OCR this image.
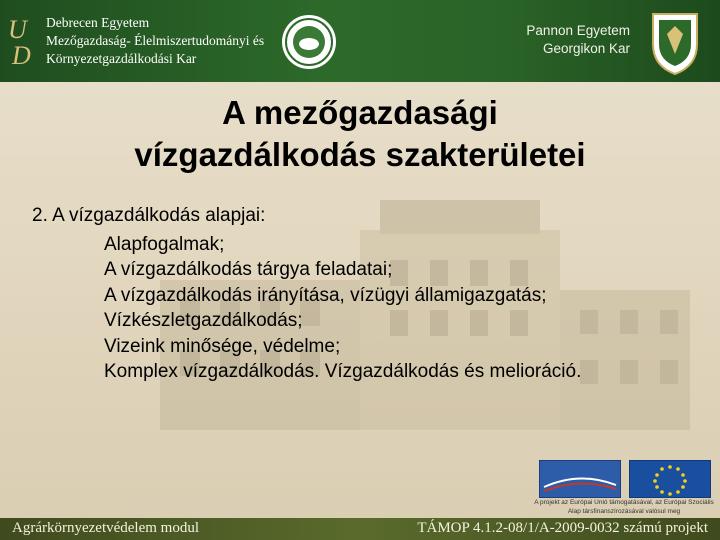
U
D
Debrecen Egyetem
Mezőgazdaság- Élelmiszertudományi és
Környezetgazdálkodási Kar
Pannon Egyetem
Georgikon Kar
A mezőgazdasági
vízgazdálkodás szakterületei

2. A vízgazdálkodás alapjai:

Alapfogalmak;
A vízgazdálkodás tárgya feladatai;
A vízgazdálkodás irányítása, vízügyi államigazgatás;
Vízkészletgazdálkodás;
Vizeink minősége, védelme;
Komplex vízgazdálkodás. Vízgazdálkodás és melioráció.
A projekt az Európai Unió támogatásával, az Európai Szociális Alap társfinanszírozásával valósul meg
Agrárkörnyezetvédelem modul	TÁMOP 4.1.2-08/1/A-2009-0032 számú projekt
